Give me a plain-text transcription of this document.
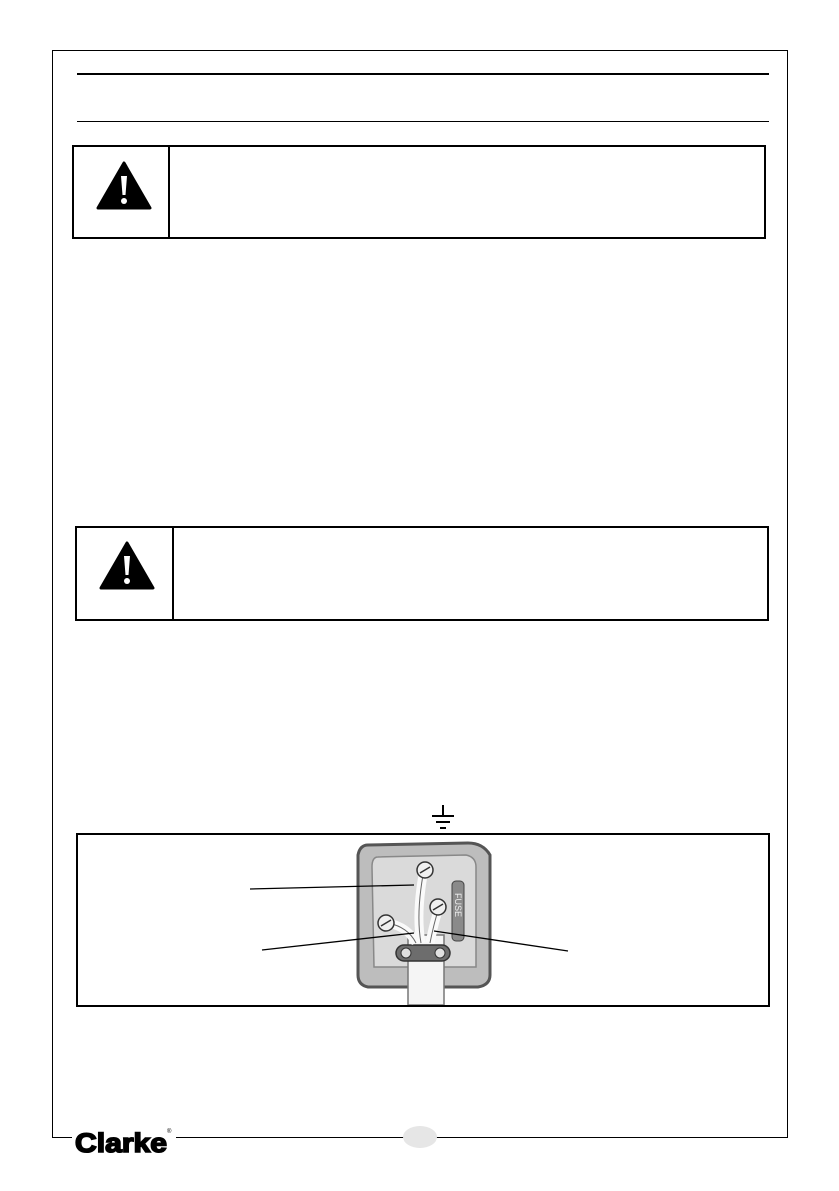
FUSE
Clarke ®
